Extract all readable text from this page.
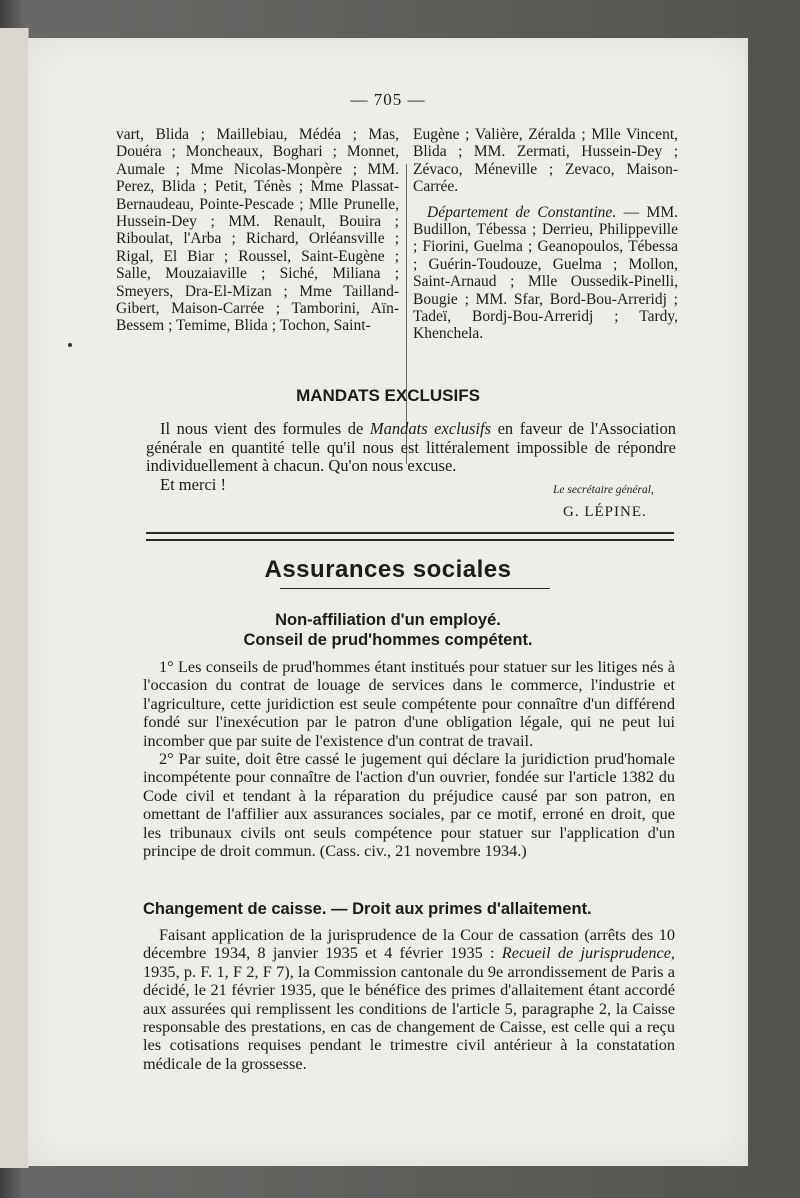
— 705 —
vart, Blida ; Maillebiau, Médéa ; Mas, Douéra ; Moncheaux, Boghari ; Monnet, Aumale ; Mme Nicolas-Monpère ; MM. Perez, Blida ; Petit, Ténès ; Mme Plassat-Bernaudeau, Pointe-Pescade ; Mlle Prunelle, Hussein-Dey ; MM. Renault, Bouira ; Riboulat, l'Arba ; Richard, Orléansville ; Rigal, El Biar ; Roussel, Saint-Eugène ; Salle, Mouzaiaville ; Siché, Miliana ; Smeyers, Dra-El-Mizan ; Mme Tailland-Gibert, Maison-Carrée ; Tamborini, Aïn-Bessem ; Temime, Blida ; Tochon, Saint-
Eugène ; Valière, Zéralda ; Mlle Vincent, Blida ; MM. Zermati, Hussein-Dey ; Zévaco, Méneville ; Zevaco, Maison-Carrée.
Département de Constantine. — MM. Budillon, Tébessa ; Derrieu, Philippeville ; Fiorini, Guelma ; Geanopoulos, Tébessa ; Guérin-Toudouze, Guelma ; Mollon, Saint-Arnaud ; Mlle Oussedik-Pinelli, Bougie ; MM. Sfar, Bord-Bou-Arreridj ; Tadeï, Bordj-Bou-Arreridj ; Tardy, Khenchela.
MANDATS EXCLUSIFS

Il nous vient des formules de Mandats exclusifs en faveur de l'Association générale en quantité telle qu'il nous est littéralement impossible de répondre individuellement à chacun. Qu'on nous excuse.

Et merci !	Le secrétaire général,
G. LÉPINE.
Assurances sociales
Non-affiliation d'un employé.
Conseil de prud'hommes compétent.

1° Les conseils de prud'hommes étant institués pour statuer sur les litiges nés à l'occasion du contrat de louage de services dans le commerce, l'industrie et l'agriculture, cette juridiction est seule compétente pour connaître d'un différend fondé sur l'inexécution par le patron d'une obligation légale, qui ne peut lui incomber que par suite de l'existence d'un contrat de travail.

2° Par suite, doit être cassé le jugement qui déclare la juridiction prud'homale incompétente pour connaître de l'action d'un ouvrier, fondée sur l'article 1382 du Code civil et tendant à la réparation du préjudice causé par son patron, en omettant de l'affilier aux assurances sociales, par ce motif, erroné en droit, que les tribunaux civils ont seuls compétence pour statuer sur l'application d'un principe de droit commun. (Cass. civ., 21 novembre 1934.)

Changement de caisse. — Droit aux primes d'allaitement.

Faisant application de la jurisprudence de la Cour de cassation (arrêts des 10 décembre 1934, 8 janvier 1935 et 4 février 1935 : Recueil de jurisprudence, 1935, p. F. 1, F 2, F 7), la Commission cantonale du 9e arrondissement de Paris a décidé, le 21 février 1935, que le bénéfice des primes d'allaitement étant accordé aux assurées qui remplissent les conditions de l'article 5, paragraphe 2, la Caisse responsable des prestations, en cas de changement de Caisse, est celle qui a reçu les cotisations requises pendant le trimestre civil antérieur à la constatation médicale de la grossesse.
